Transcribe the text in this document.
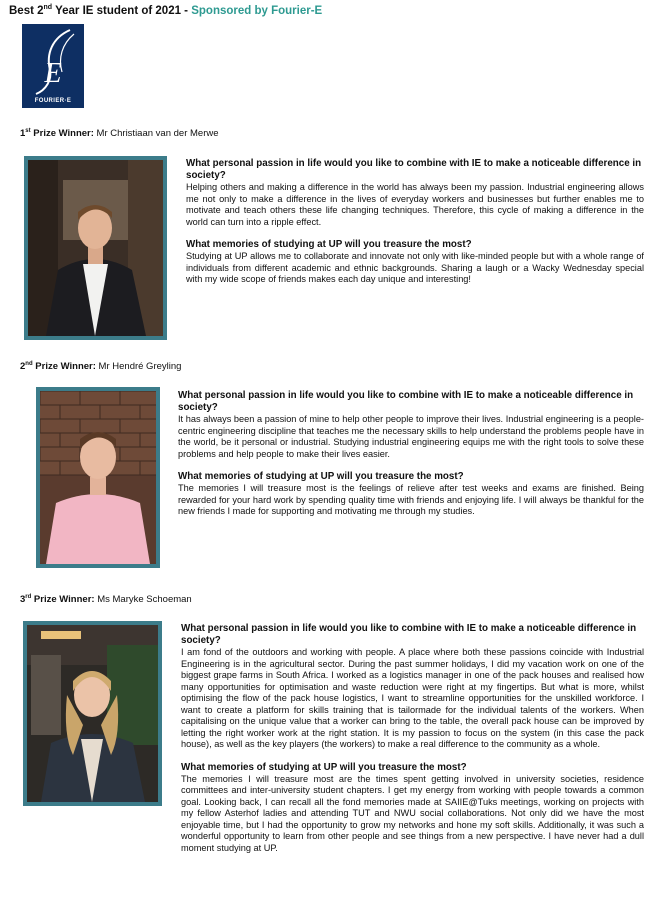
Best 2nd Year IE student of 2021 - Sponsored by Fourier-E
E
FOURIER·E
1st Prize Winner: Mr Christiaan van der Merwe
What personal passion in life would you like to combine with IE to make a noticeable difference in society?
Helping others and making a difference in the world has always been my passion. Industrial engineering allows me not only to make a difference in the lives of everyday workers and businesses but further enables me to motivate and teach others these life changing techniques. Therefore, this cycle of making a difference in the world can turn into a ripple effect.
What memories of studying at UP will you treasure the most?
Studying at UP allows me to collaborate and innovate not only with like-minded people but with a whole range of individuals from different academic and ethnic backgrounds. Sharing a laugh or a Wacky Wednesday special with my wide scope of friends makes each day unique and interesting!
2nd Prize Winner: Mr Hendré Greyling
What personal passion in life would you like to combine with IE to make a noticeable difference in society?
It has always been a passion of mine to help other people to improve their lives. Industrial engineering is a people-centric engineering discipline that teaches me the necessary skills to help understand the problems people have in the world, be it personal or industrial. Studying industrial engineering equips me with the right tools to solve these problems and help people to make their lives easier.
What memories of studying at UP will you treasure the most?
The memories I will treasure most is the feelings of relieve after test weeks and exams are finished. Being rewarded for your hard work by spending quality time with friends and enjoying life. I will always be thankful for the new friends I made for supporting and motivating me through my studies.
3rd Prize Winner: Ms Maryke Schoeman
What personal passion in life would you like to combine with IE to make a noticeable difference in society?
I am fond of the outdoors and working with people. A place where both these passions coincide with Industrial Engineering is in the agricultural sector. During the past summer holidays, I did my vacation work on one of the biggest grape farms in South Africa. I worked as a logistics manager in one of the pack houses and realised how many opportunities for optimisation and waste reduction were right at my fingertips. But what is more, whilst optimising the flow of the pack house logistics, I want to streamline opportunities for the unskilled workforce. I want to create a platform for skills training that is tailormade for the individual talents of the workers. When capitalising on the unique value that a worker can bring to the table, the overall pack house can be improved by letting the right worker work at the right station. It is my passion to focus on the system (in this case the pack house), as well as the key players (the workers) to make a real difference to the community as a whole.
What memories of studying at UP will you treasure the most?
The memories I will treasure most are the times spent getting involved in university societies, residence committees and inter-university student chapters. I get my energy from working with people towards a common goal. Looking back, I can recall all the fond memories made at SAIIE@Tuks meetings, working on projects with my fellow Asterhof ladies and attending TUT and NWU social collaborations. Not only did we have the most enjoyable time, but I had the opportunity to grow my networks and hone my soft skills. Additionally, it was such a wonderful opportunity to learn from other people and see things from a new perspective. I have never had a dull moment studying at UP.
